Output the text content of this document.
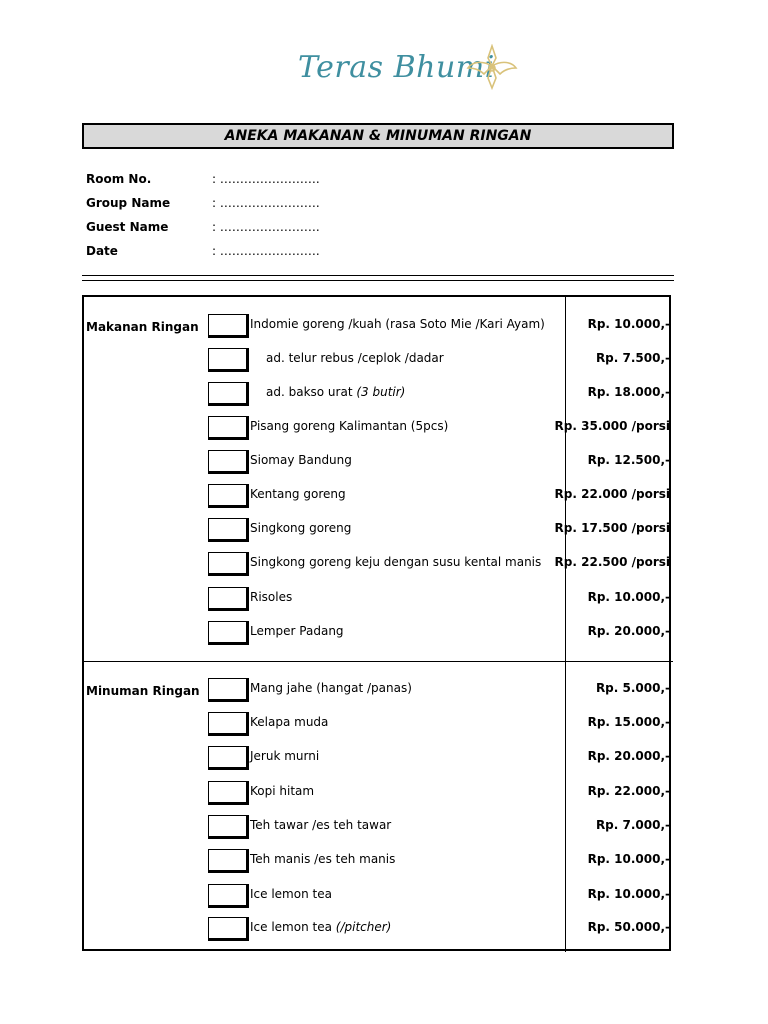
Teras Bhumi
ANEKA MAKANAN & MINUMAN RINGAN
Room No.	: …………………….
Group Name	: …………………….
Guest Name	: …………………….
Date	: …………………….
Makanan Ringan	Indomie goreng /kuah (rasa Soto Mie /Kari Ayam)	Rp. 10.000,-
ad. telur rebus /ceplok /dadar	Rp. 7.500,-
ad. bakso urat (3 butir)	Rp. 18.000,-
Pisang goreng Kalimantan (5pcs)	Rp. 35.000 /porsi
Siomay Bandung	Rp. 12.500,-
Kentang goreng	Rp. 22.000 /porsi
Singkong goreng	Rp. 17.500 /porsi
Singkong goreng keju dengan susu kental manis Rp. 22.500 /porsi
Risoles	Rp. 10.000,-
Lemper Padang	Rp. 20.000,-
Minuman Ringan	Mang jahe (hangat /panas)	Rp. 5.000,-
Kelapa muda	Rp. 15.000,-
Jeruk murni	Rp. 20.000,-
Kopi hitam	Rp. 22.000,-
Teh tawar /es teh tawar	Rp. 7.000,-
Teh manis /es teh manis	Rp. 10.000,-
Ice lemon tea	Rp. 10.000,-
Ice lemon tea (/pitcher)	Rp. 50.000,-
